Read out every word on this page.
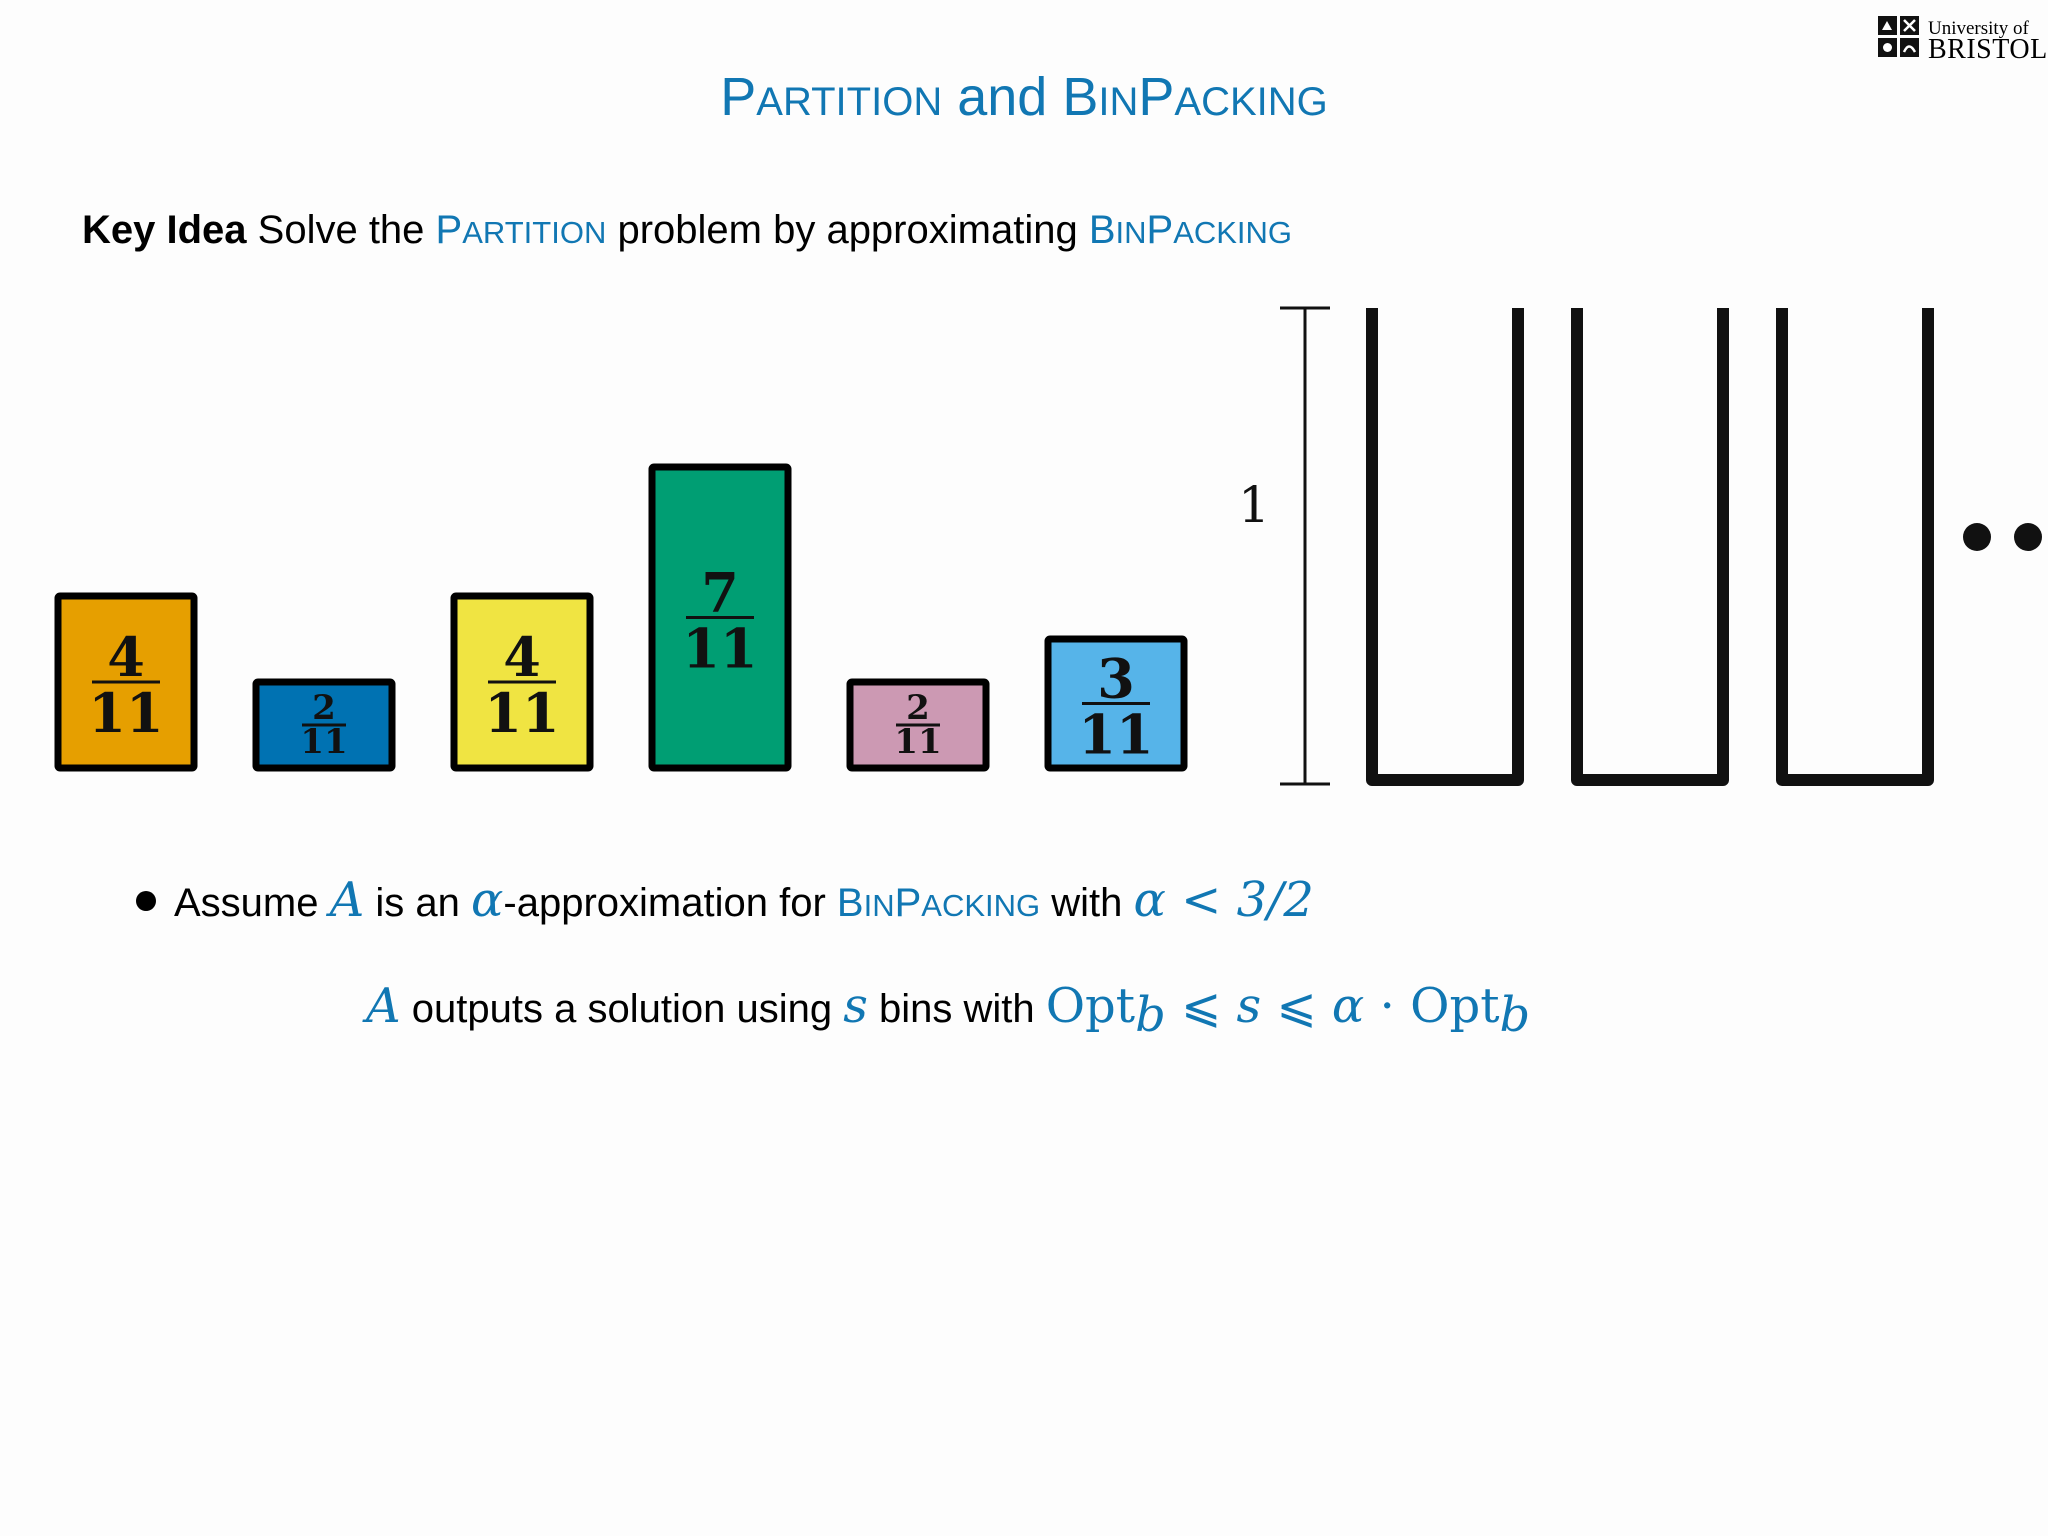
University of
BRISTOL
PARTITION and BINPACKING
Key Idea Solve the PARTITION problem by approximating BINPACKING
4
11	2
11
4
11
7
11
2
11
3
11
1
Assume A is an α-approximation for BINPACKING with α < 3/2
A outputs a solution using s bins with Opt$_b$ ⩽ s ⩽ α · Opt$_b$
